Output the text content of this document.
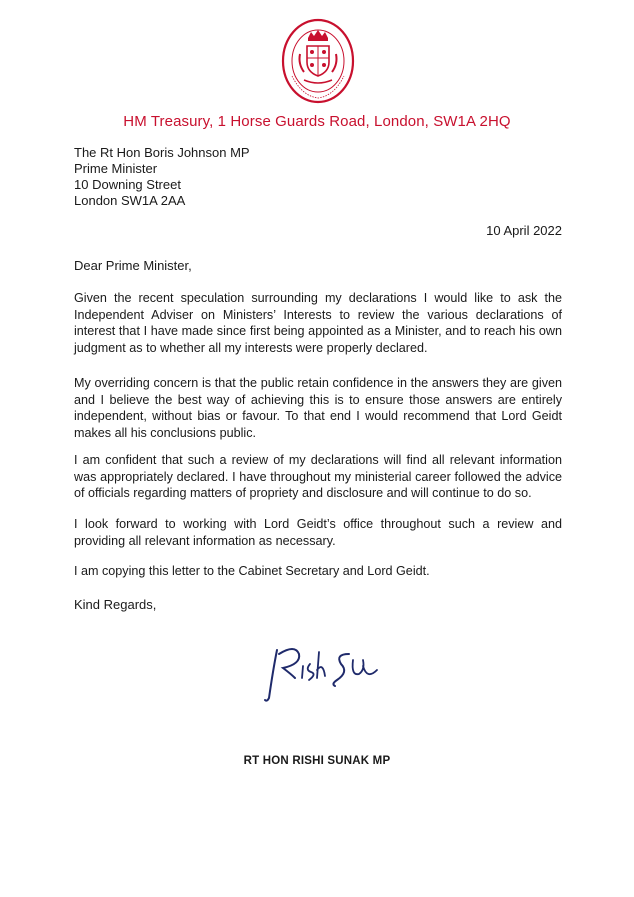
HM Treasury, 1 Horse Guards Road, London, SW1A 2HQ
The Rt Hon Boris Johnson MP
Prime Minister
10 Downing Street
London SW1A 2AA
10 April 2022
Dear Prime Minister,

Given the recent speculation surrounding my declarations I would like to ask the Independent Adviser on Ministers’ Interests to review the various declarations of interest that I have made since first being appointed as a Minister, and to reach his own judgment as to whether all my interests were properly declared.

My overriding concern is that the public retain confidence in the answers they are given and I believe the best way of achieving this is to ensure those answers are entirely independent, without bias or favour. To that end I would recommend that Lord Geidt makes all his conclusions public.

I am confident that such a review of my declarations will find all relevant information was appropriately declared. I have throughout my ministerial career followed the advice of officials regarding matters of propriety and disclosure and will continue to do so.

I look forward to working with Lord Geidt’s office throughout such a review and providing all relevant information as necessary.

I am copying this letter to the Cabinet Secretary and Lord Geidt.

Kind Regards,
RT HON RISHI SUNAK MP
